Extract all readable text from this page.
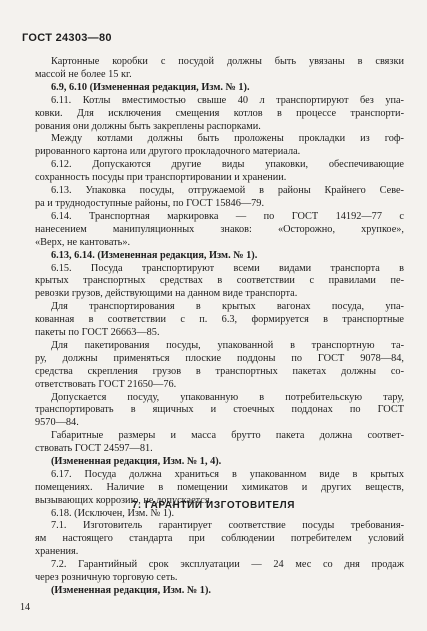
ГОСТ 24303—80
Картонные коробки с посудой должны быть увязаны в связки
массой не более 15 кг.
6.9, 6.10 (Измененная редакция, Изм. № 1).
6.11. Котлы вместимостью свыше 40 л транспортируют без упа-
ковки. Для исключения смещения котлов в процессе транспорти-
рования они должны быть закреплены распорками.
Между котлами должны быть проложены прокладки из гоф-
рированного картона или другого прокладочного материала.
6.12. Допускаются другие виды упаковки, обеспечивающие
сохранность посуды при транспортировании и хранении.
6.13. Упаковка посуды, отгружаемой в районы Крайнего Севе-
ра и труднодоступные районы, по ГОСТ 15846—79.
6.14. Транспортная маркировка — по ГОСТ 14192—77 с
нанесением манипуляционных знаков: «Осторожно, хрупкое»,
«Верх, не кантовать».
6.13, 6.14. (Измененная редакция, Изм. № 1).
6.15. Посуда транспортируют всеми видами транспорта в
крытых транспортных средствах в соответствии с правилами пе-
ревозки грузов, действующими на данном виде транспорта.
Для транспортирования в крытых вагонах посуда, упа-
кованная в соответствии с п. 6.3, формируется в транспортные
пакеты по ГОСТ 26663—85.
Для пакетирования посуды, упакованной в транспортную та-
ру, должны применяться плоские поддоны по ГОСТ 9078—84,
средства скрепления грузов в транспортных пакетах должны со-
ответствовать ГОСТ 21650—76.
Допускается посуду, упакованную в потребительскую тару,
транспортировать в ящичных и стоечных поддонах по ГОСТ
9570—84.
Габаритные размеры и масса брутто пакета должна соответ-
ствовать ГОСТ 24597—81.
(Измененная редакция, Изм. № 1, 4).
6.17. Посуда должна храниться в упакованном виде в крытых
помещениях. Наличие в помещении химикатов и других веществ,
вызывающих коррозию, не допускается.
6.18. (Исключен, Изм. № 1).
7. ГАРАНТИИ ИЗГОТОВИТЕЛЯ
7.1. Изготовитель гарантирует соответствие посуды требования-
ям настоящего стандарта при соблюдении потребителем условий
хранения.
7.2. Гарантийный срок эксплуатации — 24 мес со дня продаж
через розничную торговую сеть.
(Измененная редакция, Изм. № 1).
14
